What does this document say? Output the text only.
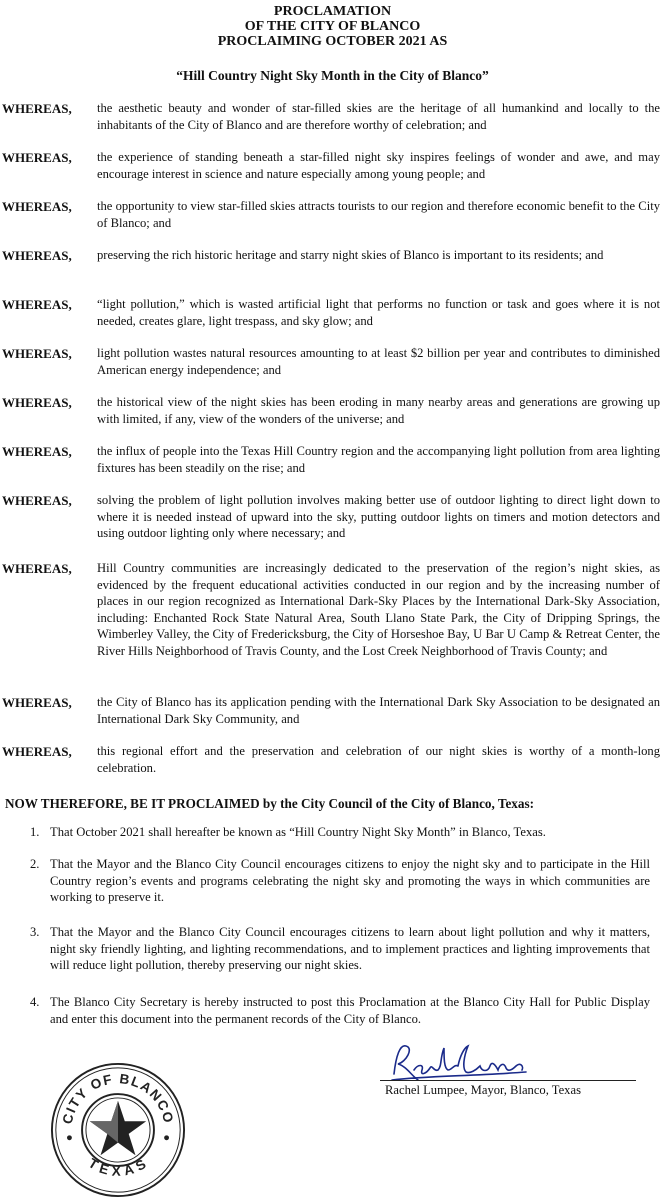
PROCLAMATION
OF THE CITY OF BLANCO
PROCLAIMING OCTOBER 2021 AS
“Hill Country Night Sky Month in the City of Blanco”
WHEREAS, the aesthetic beauty and wonder of star-filled skies are the heritage of all humankind and locally to the inhabitants of the City of Blanco and are therefore worthy of celebration; and
WHEREAS, the experience of standing beneath a star-filled night sky inspires feelings of wonder and awe, and may encourage interest in science and nature especially among young people; and
WHEREAS, the opportunity to view star-filled skies attracts tourists to our region and therefore economic benefit to the City of Blanco; and
WHEREAS, preserving the rich historic heritage and starry night skies of Blanco is important to its residents; and
WHEREAS, “light pollution,” which is wasted artificial light that performs no function or task and goes where it is not needed, creates glare, light trespass, and sky glow; and
WHEREAS, light pollution wastes natural resources amounting to at least $2 billion per year and contributes to diminished American energy independence; and
WHEREAS, the historical view of the night skies has been eroding in many nearby areas and generations are growing up with limited, if any, view of the wonders of the universe; and
WHEREAS, the influx of people into the Texas Hill Country region and the accompanying light pollution from area lighting fixtures has been steadily on the rise; and
WHEREAS, solving the problem of light pollution involves making better use of outdoor lighting to direct light down to where it is needed instead of upward into the sky, putting outdoor lights on timers and motion detectors and using outdoor lighting only where necessary; and
WHEREAS, Hill Country communities are increasingly dedicated to the preservation of the region’s night skies, as evidenced by the frequent educational activities conducted in our region and by the increasing number of places in our region recognized as International Dark-Sky Places by the International Dark-Sky Association, including: Enchanted Rock State Natural Area, South Llano State Park, the City of Dripping Springs, the Wimberley Valley, the City of Fredericksburg, the City of Horseshoe Bay, U Bar U Camp & Retreat Center, the River Hills Neighborhood of Travis County, and the Lost Creek Neighborhood of Travis County; and
WHEREAS, the City of Blanco has its application pending with the International Dark Sky Association to be designated an International Dark Sky Community, and
WHEREAS, this regional effort and the preservation and celebration of our night skies is worthy of a month-long celebration.
NOW THEREFORE, BE IT PROCLAIMED by the City Council of the City of Blanco, Texas:
1. That October 2021 shall hereafter be known as “Hill Country Night Sky Month” in Blanco, Texas.
2. That the Mayor and the Blanco City Council encourages citizens to enjoy the night sky and to participate in the Hill Country region’s events and programs celebrating the night sky and promoting the ways in which communities are working to preserve it.
3. That the Mayor and the Blanco City Council encourages citizens to learn about light pollution and why it matters, night sky friendly lighting, and lighting recommendations, and to implement practices and lighting improvements that will reduce light pollution, thereby preserving our night skies.
4. The Blanco City Secretary is hereby instructed to post this Proclamation at the Blanco City Hall for Public Display and enter this document into the permanent records of the City of Blanco.
CITY OF BLANCO
TEXAS
Rachel Lumpee, Mayor, Blanco, Texas
